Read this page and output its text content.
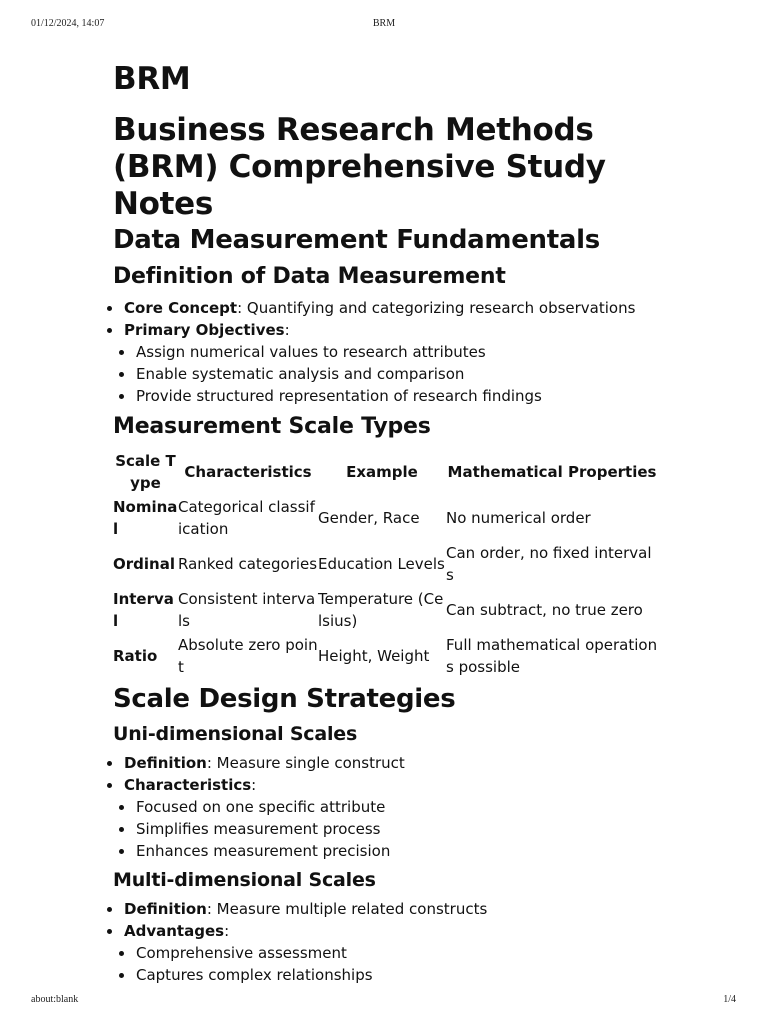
01/12/2024, 14:07	BRM
BRM
Business Research Methods (BRM) Comprehensive Study Notes
Data Measurement Fundamentals
Definition of Data Measurement
Core Concept: Quantifying and categorizing research observations
Primary Objectives:
Assign numerical values to research attributes
Enable systematic analysis and comparison
Provide structured representation of research findings
Measurement Scale Types
Scale Type	Characteristics	Example	Mathematical Properties
Nominal	Categorical classification	Gender, Race	No numerical order
Ordinal	Ranked categories	Education Levels	Can order, no fixed intervals
Interval	Consistent intervals	Temperature (Celsius)	Can subtract, no true zero
Ratio	Absolute zero point	Height, Weight	Full mathematical operations possible
Scale Design Strategies
Uni-dimensional Scales
Definition: Measure single construct
Characteristics:
Focused on one specific attribute
Simplifies measurement process
Enhances measurement precision
Multi-dimensional Scales
Definition: Measure multiple related constructs
Advantages:
Comprehensive assessment
Captures complex relationships
about:blank	1/4
